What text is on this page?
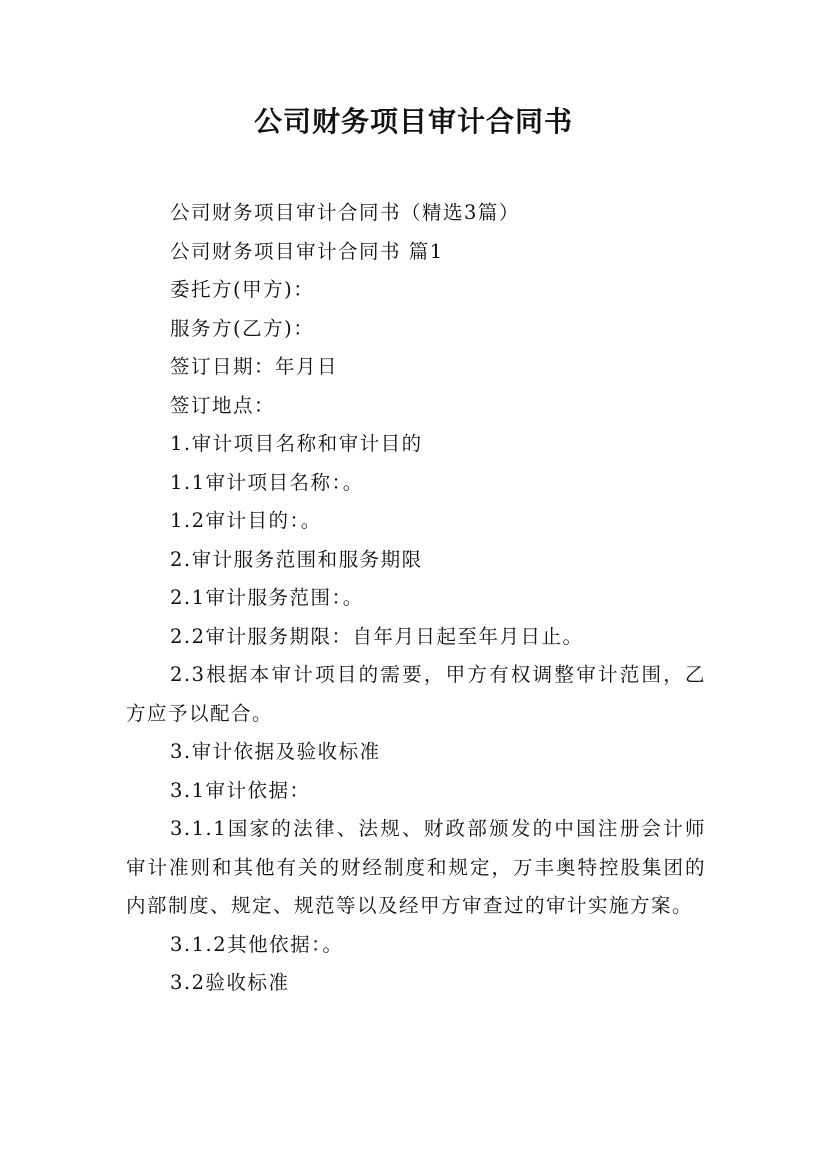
公司财务项目审计合同书

公司财务项目审计合同书（精选3篇）

公司财务项目审计合同书 篇1

委托方(甲方)：

服务方(乙方)：

签订日期：年月日

签订地点：

1.审计项目名称和审计目的

1.1审计项目名称：。

1.2审计目的：。

2.审计服务范围和服务期限

2.1审计服务范围：。

2.2审计服务期限：自年月日起至年月日止。

2.3根据本审计项目的需要，甲方有权调整审计范围，乙方应予以配合。

3.审计依据及验收标准

3.1审计依据：

3.1.1国家的法律、法规、财政部颁发的中国注册会计师审计准则和其他有关的财经制度和规定，万丰奥特控股集团的内部制度、规定、规范等以及经甲方审查过的审计实施方案。

3.1.2其他依据：。

3.2验收标准
